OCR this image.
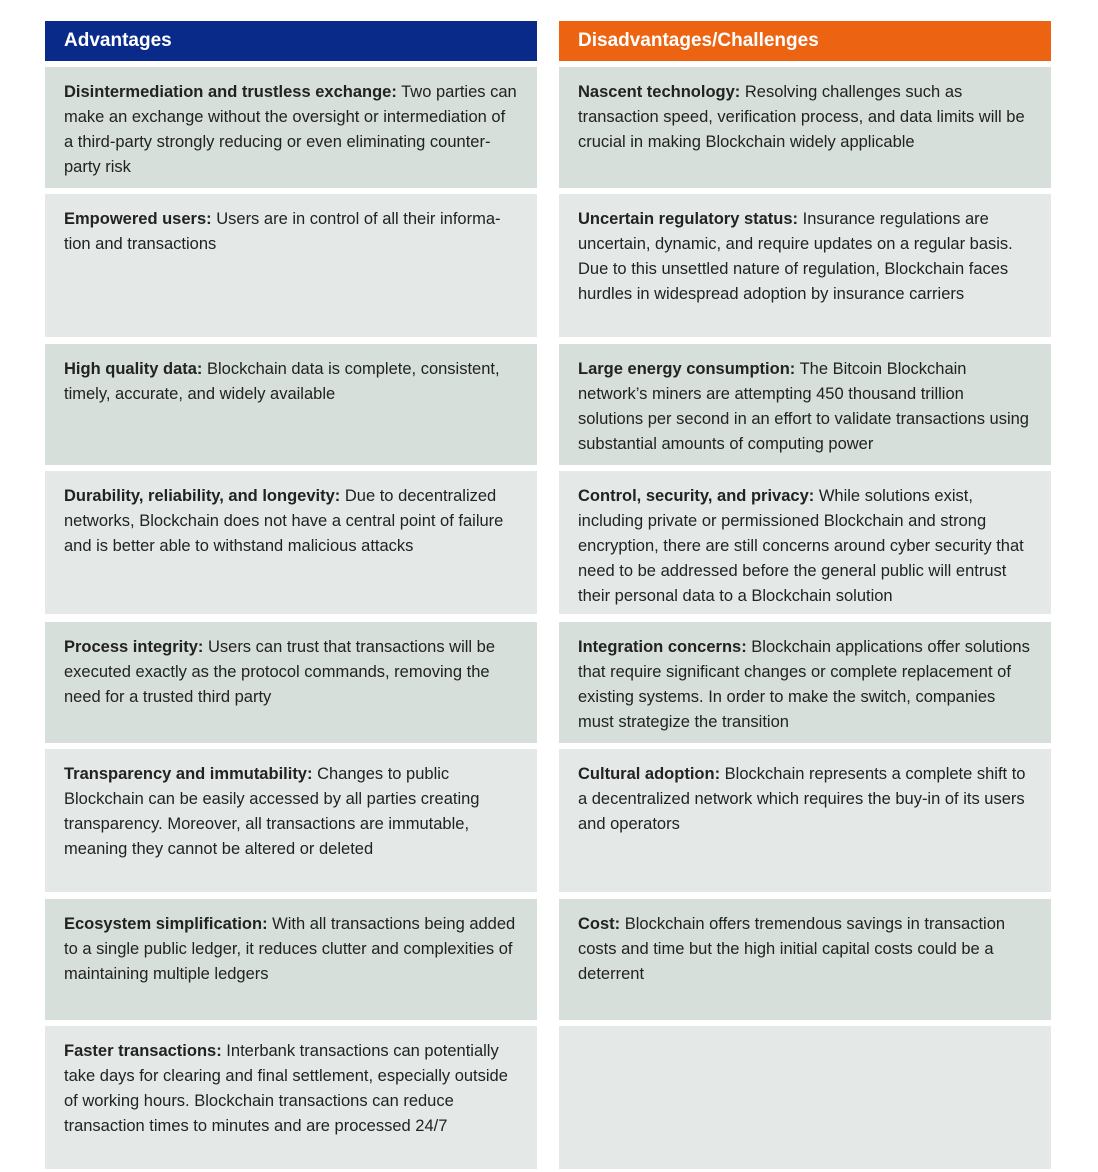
Advantages
Disintermediation and trustless exchange: Two parties can make an exchange without the oversight or intermediation of a third-party strongly reducing or even eliminating counter-party risk
Empowered users: Users are in control of all their informa-tion and transactions
High quality data: Blockchain data is complete, consistent, timely, accurate, and widely available
Durability, reliability, and longevity: Due to decentralized networks, Blockchain does not have a central point of failure and is better able to withstand malicious attacks
Process integrity: Users can trust that transactions will be executed exactly as the protocol commands, removing the need for a trusted third party
Transparency and immutability: Changes to public Blockchain can be easily accessed by all parties creating transparency. Moreover, all transactions are immutable, meaning they cannot be altered or deleted
Ecosystem simplification: With all transactions being added to a single public ledger, it reduces clutter and complexities of maintaining multiple ledgers
Faster transactions: Interbank transactions can potentially take days for clearing and final settlement, especially outside of working hours. Blockchain transactions can reduce transaction times to minutes and are processed 24/7
Disadvantages/Challenges
Nascent technology: Resolving challenges such as transaction speed, verification process, and data limits will be crucial in making Blockchain widely applicable
Uncertain regulatory status: Insurance regulations are uncertain, dynamic, and require updates on a regular basis. Due to this unsettled nature of regulation, Blockchain faces hurdles in widespread adoption by insurance carriers
Large energy consumption: The Bitcoin Blockchain network’s miners are attempting 450 thousand trillion solutions per second in an effort to validate transactions using substantial amounts of computing power
Control, security, and privacy: While solutions exist, including private or permissioned Blockchain and strong encryption, there are still concerns around cyber security that need to be addressed before the general public will entrust their personal data to a Blockchain solution
Integration concerns: Blockchain applications offer solutions that require significant changes or complete replacement of existing systems. In order to make the switch, companies must strategize the transition
Cultural adoption: Blockchain represents a complete shift to a decentralized network which requires the buy-in of its users and operators
Cost: Blockchain offers tremendous savings in transaction costs and time but the high initial capital costs could be a deterrent
